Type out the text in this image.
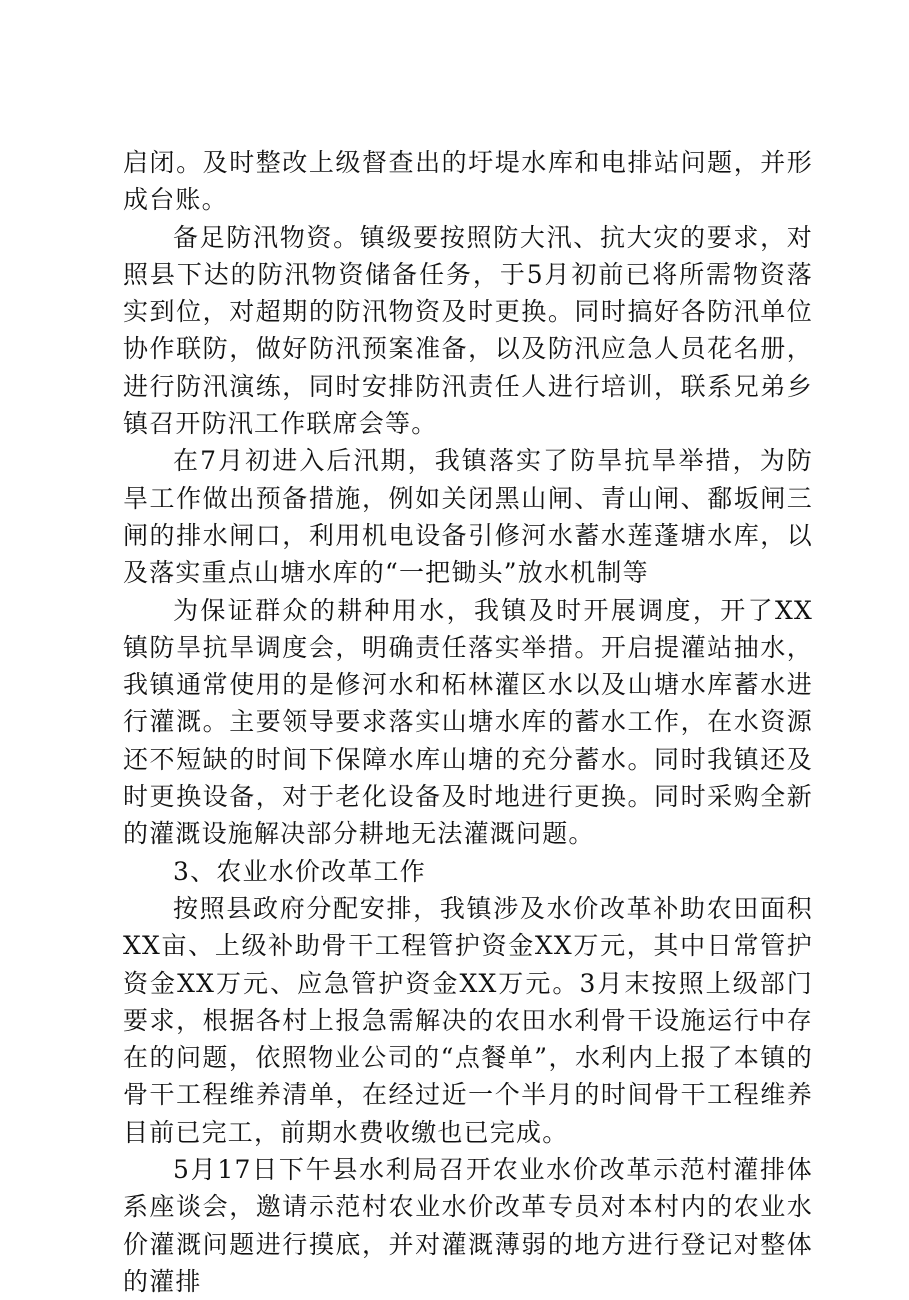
启闭。及时整改上级督查出的圩堤水库和电排站问题，并形成台账。

备足防汛物资。镇级要按照防大汛、抗大灾的要求，对照县下达的防汛物资储备任务，于5月初前已将所需物资落实到位，对超期的防汛物资及时更换。同时搞好各防汛单位协作联防，做好防汛预案准备，以及防汛应急人员花名册，进行防汛演练，同时安排防汛责任人进行培训，联系兄弟乡镇召开防汛工作联席会等。

在7月初进入后汛期，我镇落实了防旱抗旱举措，为防旱工作做出预备措施，例如关闭黑山闸、青山闸、鄱坂闸三闸的排水闸口，利用机电设备引修河水蓄水莲蓬塘水库，以及落实重点山塘水库的“一把锄头”放水机制等

为保证群众的耕种用水，我镇及时开展调度，开了XX镇防旱抗旱调度会，明确责任落实举措。开启提灌站抽水，我镇通常使用的是修河水和柘林灌区水以及山塘水库蓄水进行灌溉。主要领导要求落实山塘水库的蓄水工作，在水资源还不短缺的时间下保障水库山塘的充分蓄水。同时我镇还及时更换设备，对于老化设备及时地进行更换。同时采购全新的灌溉设施解决部分耕地无法灌溉问题。

3、农业水价改革工作

按照县政府分配安排，我镇涉及水价改革补助农田面积XX亩、上级补助骨干工程管护资金XX万元，其中日常管护资金XX万元、应急管护资金XX万元。3月末按照上级部门要求，根据各村上报急需解决的农田水利骨干设施运行中存在的问题，依照物业公司的“点餐单”，水利内上报了本镇的骨干工程维养清单，在经过近一个半月的时间骨干工程维养目前已完工，前期水费收缴也已完成。

5月17日下午县水利局召开农业水价改革示范村灌排体系座谈会，邀请示范村农业水价改革专员对本村内的农业水价灌溉问题进行摸底，并对灌溉薄弱的地方进行登记对整体的灌排
